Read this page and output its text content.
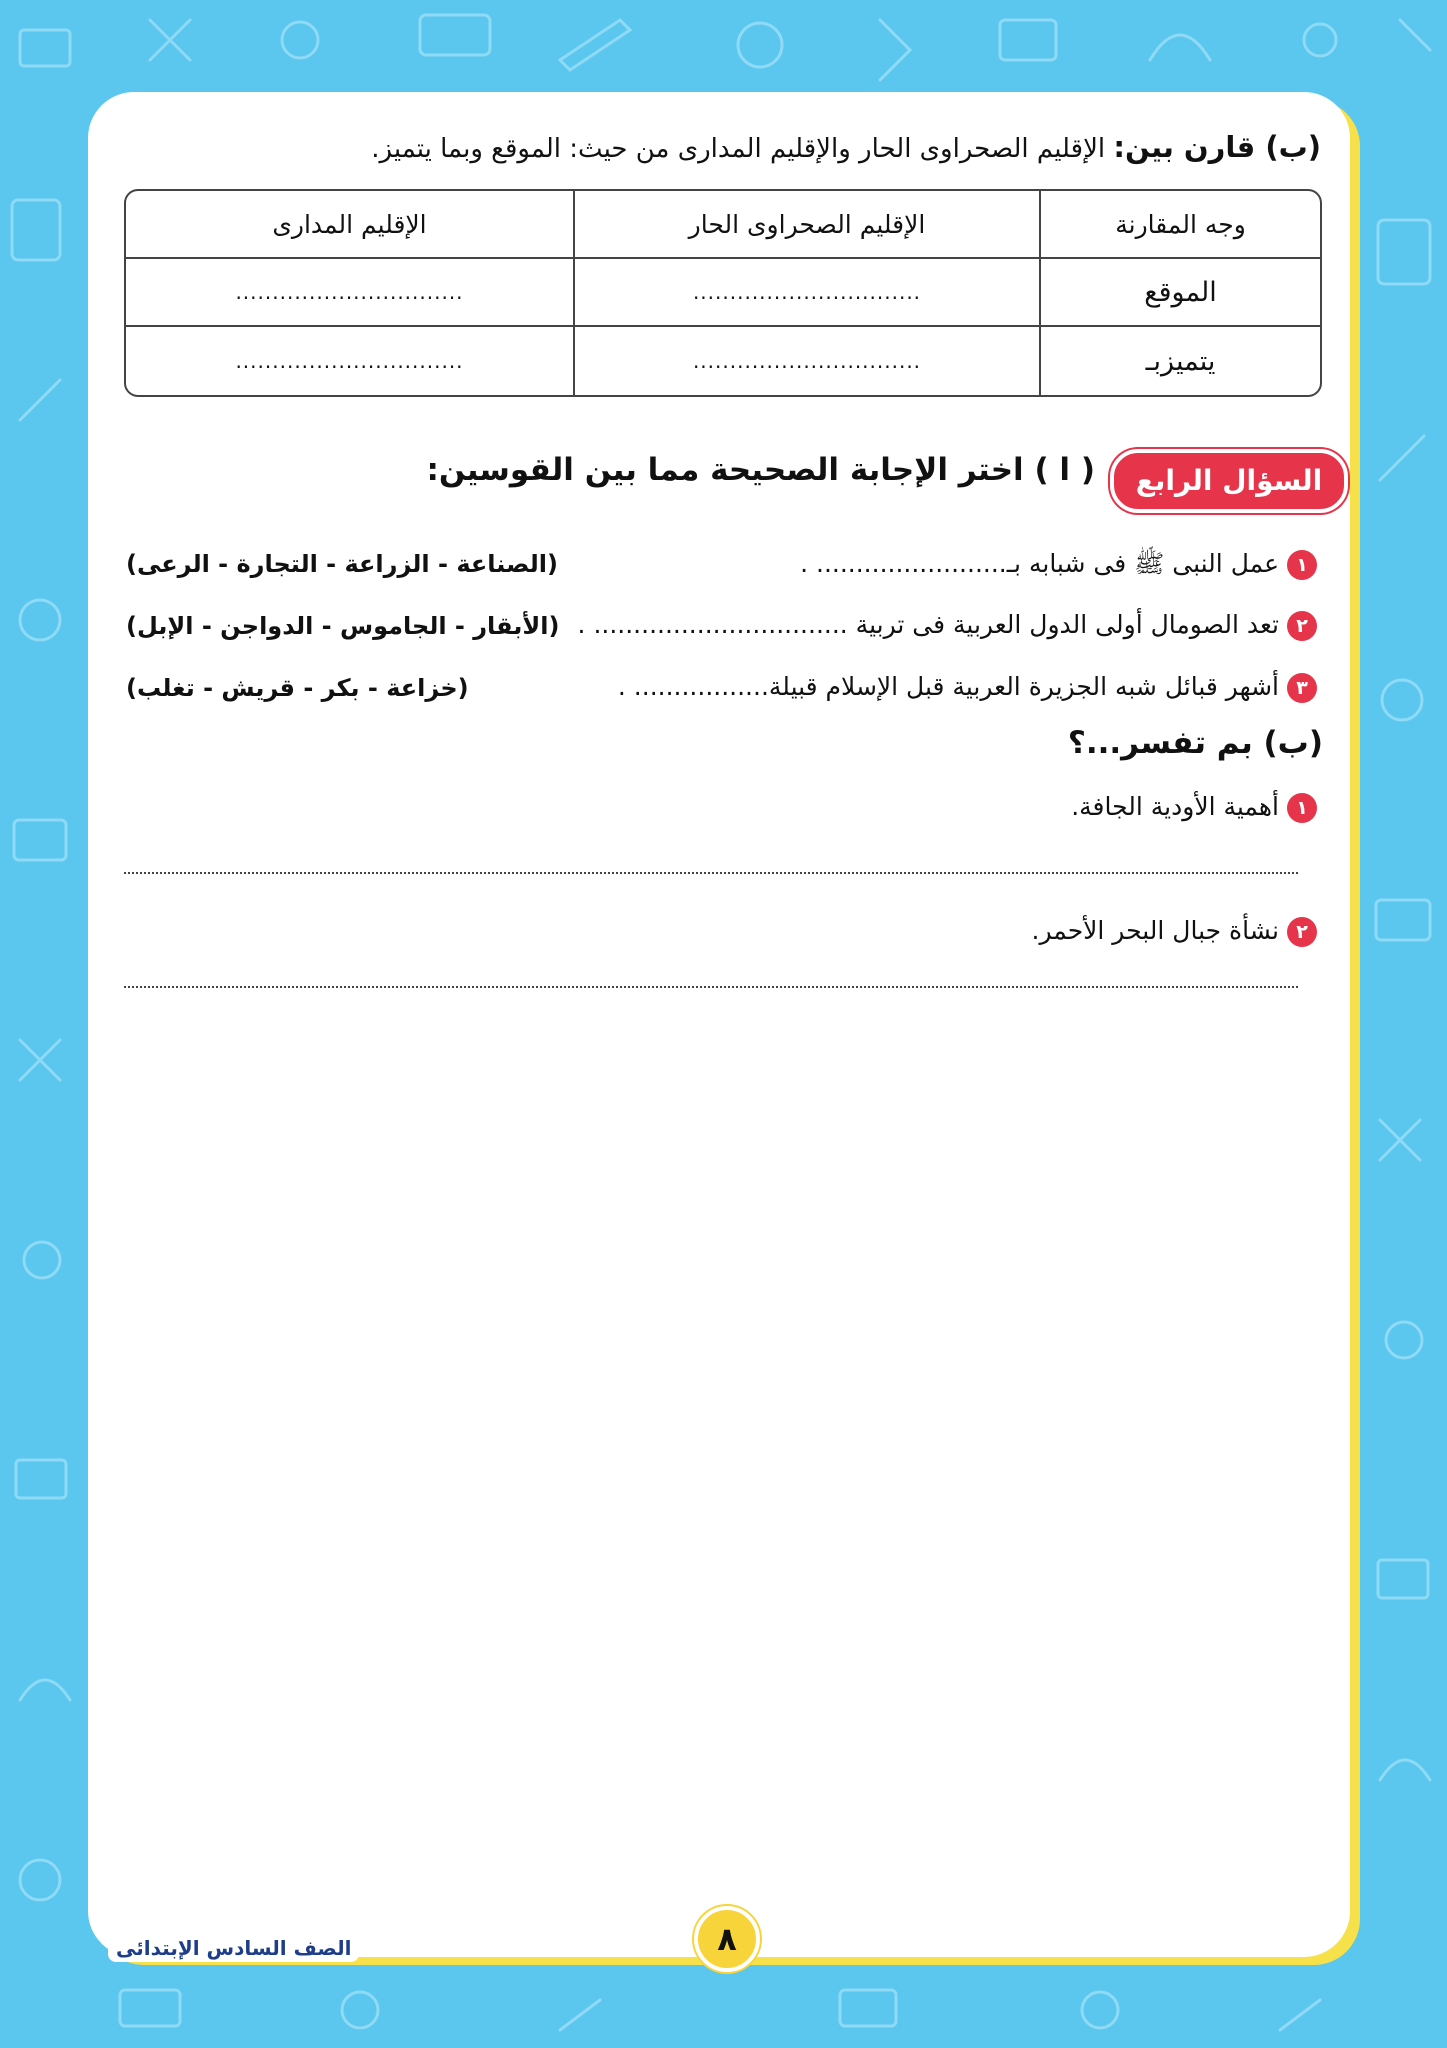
(ب) قارن بين: الإقليم الصحراوى الحار والإقليم المدارى من حيث: الموقع وبما يتميز.
وجه المقارنة	الإقليم الصحراوى الحار	الإقليم المدارى
الموقع	...............................	...............................
يتميزبـ	...............................	...............................
السؤال الرابع
( ا ) اختر الإجابة الصحيحة مما بين القوسين:
١عمل النبى ﷺ فى شبابه بـ........................ .
(الصناعة - الزراعة - التجارة - الرعى)
٢تعد الصومال أولى الدول العربية فى تربية ................................ .
(الأبقار - الجاموس - الدواجن - الإبل)
٣أشهر قبائل شبه الجزيرة العربية قبل الإسلام قبيلة................. .
(خزاعة - بكر - قريش - تغلب)
(ب) بم تفسر...؟
١أهمية الأودية الجافة.
٢نشأة جبال البحر الأحمر.
الصف السادس الإبتدائى	٨
